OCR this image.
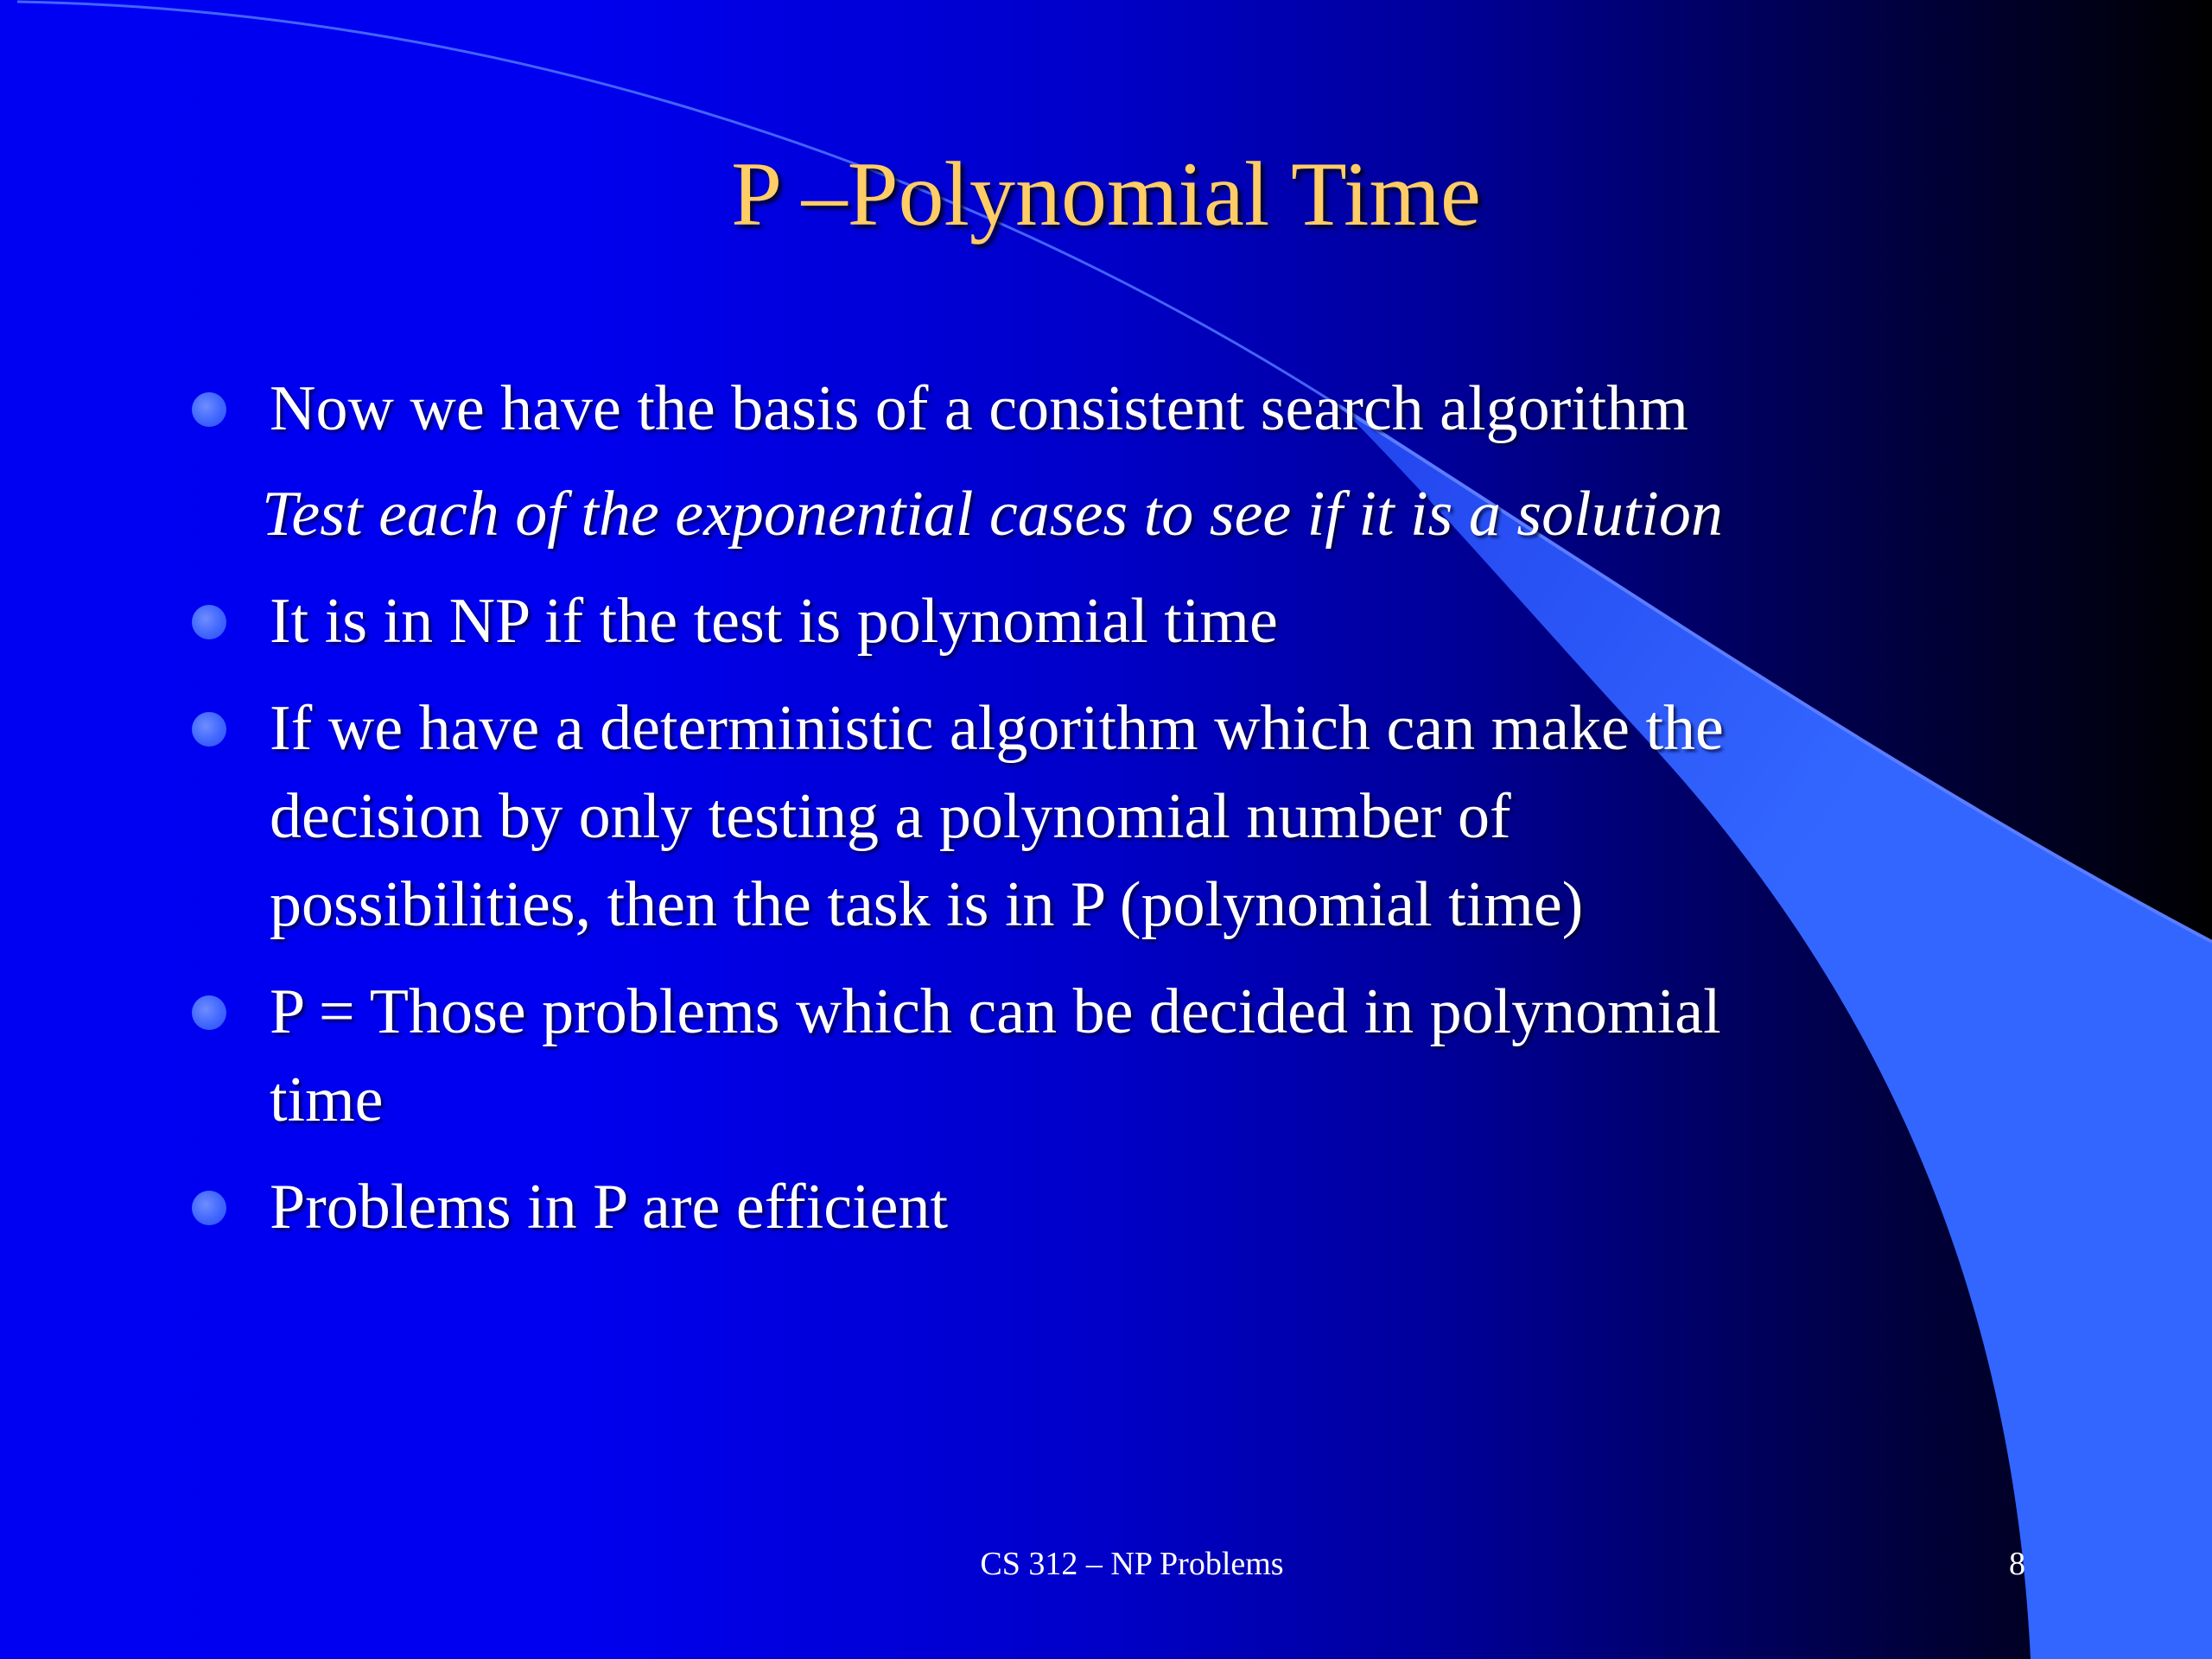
P –Polynomial Time
Now we have the basis of a consistent search algorithm
Test each of the exponential cases to see if it is a solution
It is in NP if the test is polynomial time
If we have a deterministic algorithm which can make the
decision by only testing a polynomial number of
possibilities, then the task is in P (polynomial time)
P = Those problems which can be decided in polynomial
time
Problems in P are efficient
CS 312 – NP Problems	8
